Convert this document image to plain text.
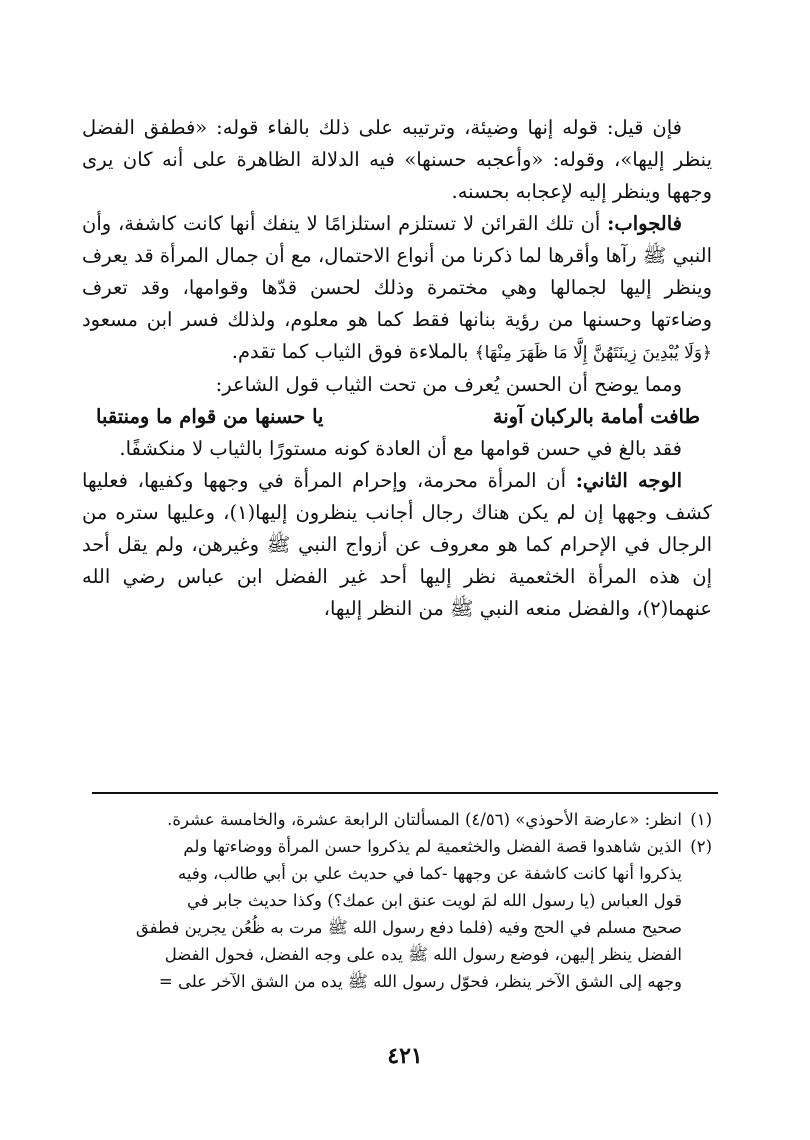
فإن قيل: قوله إنها وضيئة، وترتيبه على ذلك بالفاء قوله: «فطفق الفضل ينظر إليها»، وقوله: «وأعجبه حسنها» فيه الدلالة الظاهرة على أنه كان يرى وجهها وينظر إليه لإعجابه بحسنه.

فالجواب: أن تلك القرائن لا تستلزم استلزامًا لا ينفك أنها كانت كاشفة، وأن النبي ﷺ رآها وأقرها لما ذكرنا من أنواع الاحتمال، مع أن جمال المرأة قد يعرف وينظر إليها لجمالها وهي مختمرة وذلك لحسن قدّها وقوامها، وقد تعرف وضاءتها وحسنها من رؤية بنانها فقط كما هو معلوم، ولذلك فسر ابن مسعود ﴿وَلَا يُبْدِينَ زِينَتَهُنَّ إِلَّا مَا ظَهَرَ مِنْهَا﴾ بالملاءة فوق الثياب كما تقدم.

ومما يوضح أن الحسن يُعرف من تحت الثياب قول الشاعر:

طافت أمامة بالركبان آونة
يا حسنها من قوام ما ومنتقبا

فقد بالغ في حسن قوامها مع أن العادة كونه مستورًا بالثياب لا منكشفًا.

الوجه الثاني: أن المرأة محرمة، وإحرام المرأة في وجهها وكفيها، فعليها كشف وجهها إن لم يكن هناك رجال أجانب ينظرون إليها(١)، وعليها ستره من الرجال في الإحرام كما هو معروف عن أزواج النبي ﷺ وغيرهن، ولم يقل أحد إن هذه المرأة الخثعمية نظر إليها أحد غير الفضل ابن عباس رضي الله عنهما(٢)، والفضل منعه النبي ﷺ من النظر إليها،

(١)
انظر: «عارضة الأحوذي» (٤/٥٦) المسألتان الرابعة عشرة، والخامسة عشرة.
(٢)
الذين شاهدوا قصة الفضل والخثعمية لم يذكروا حسن المرأة ووضاءتها ولم
يذكروا أنها كانت كاشفة عن وجهها -كما في حديث علي بن أبي طالب، وفيه
قول العباس (يا رسول الله لمَ لويت عنق ابن عمك؟) وكذا حديث جابر في
صحيح مسلم في الحج وفيه (فلما دفع رسول الله ﷺ مرت به ظُعُن يجرين فطفق
الفضل ينظر إليهن، فوضع رسول الله ﷺ يده على وجه الفضل، فحول الفضل
وجهه إلى الشق الآخر ينظر، فحوّل رسول الله ﷺ يده من الشق الآخر على =
٤٢١
